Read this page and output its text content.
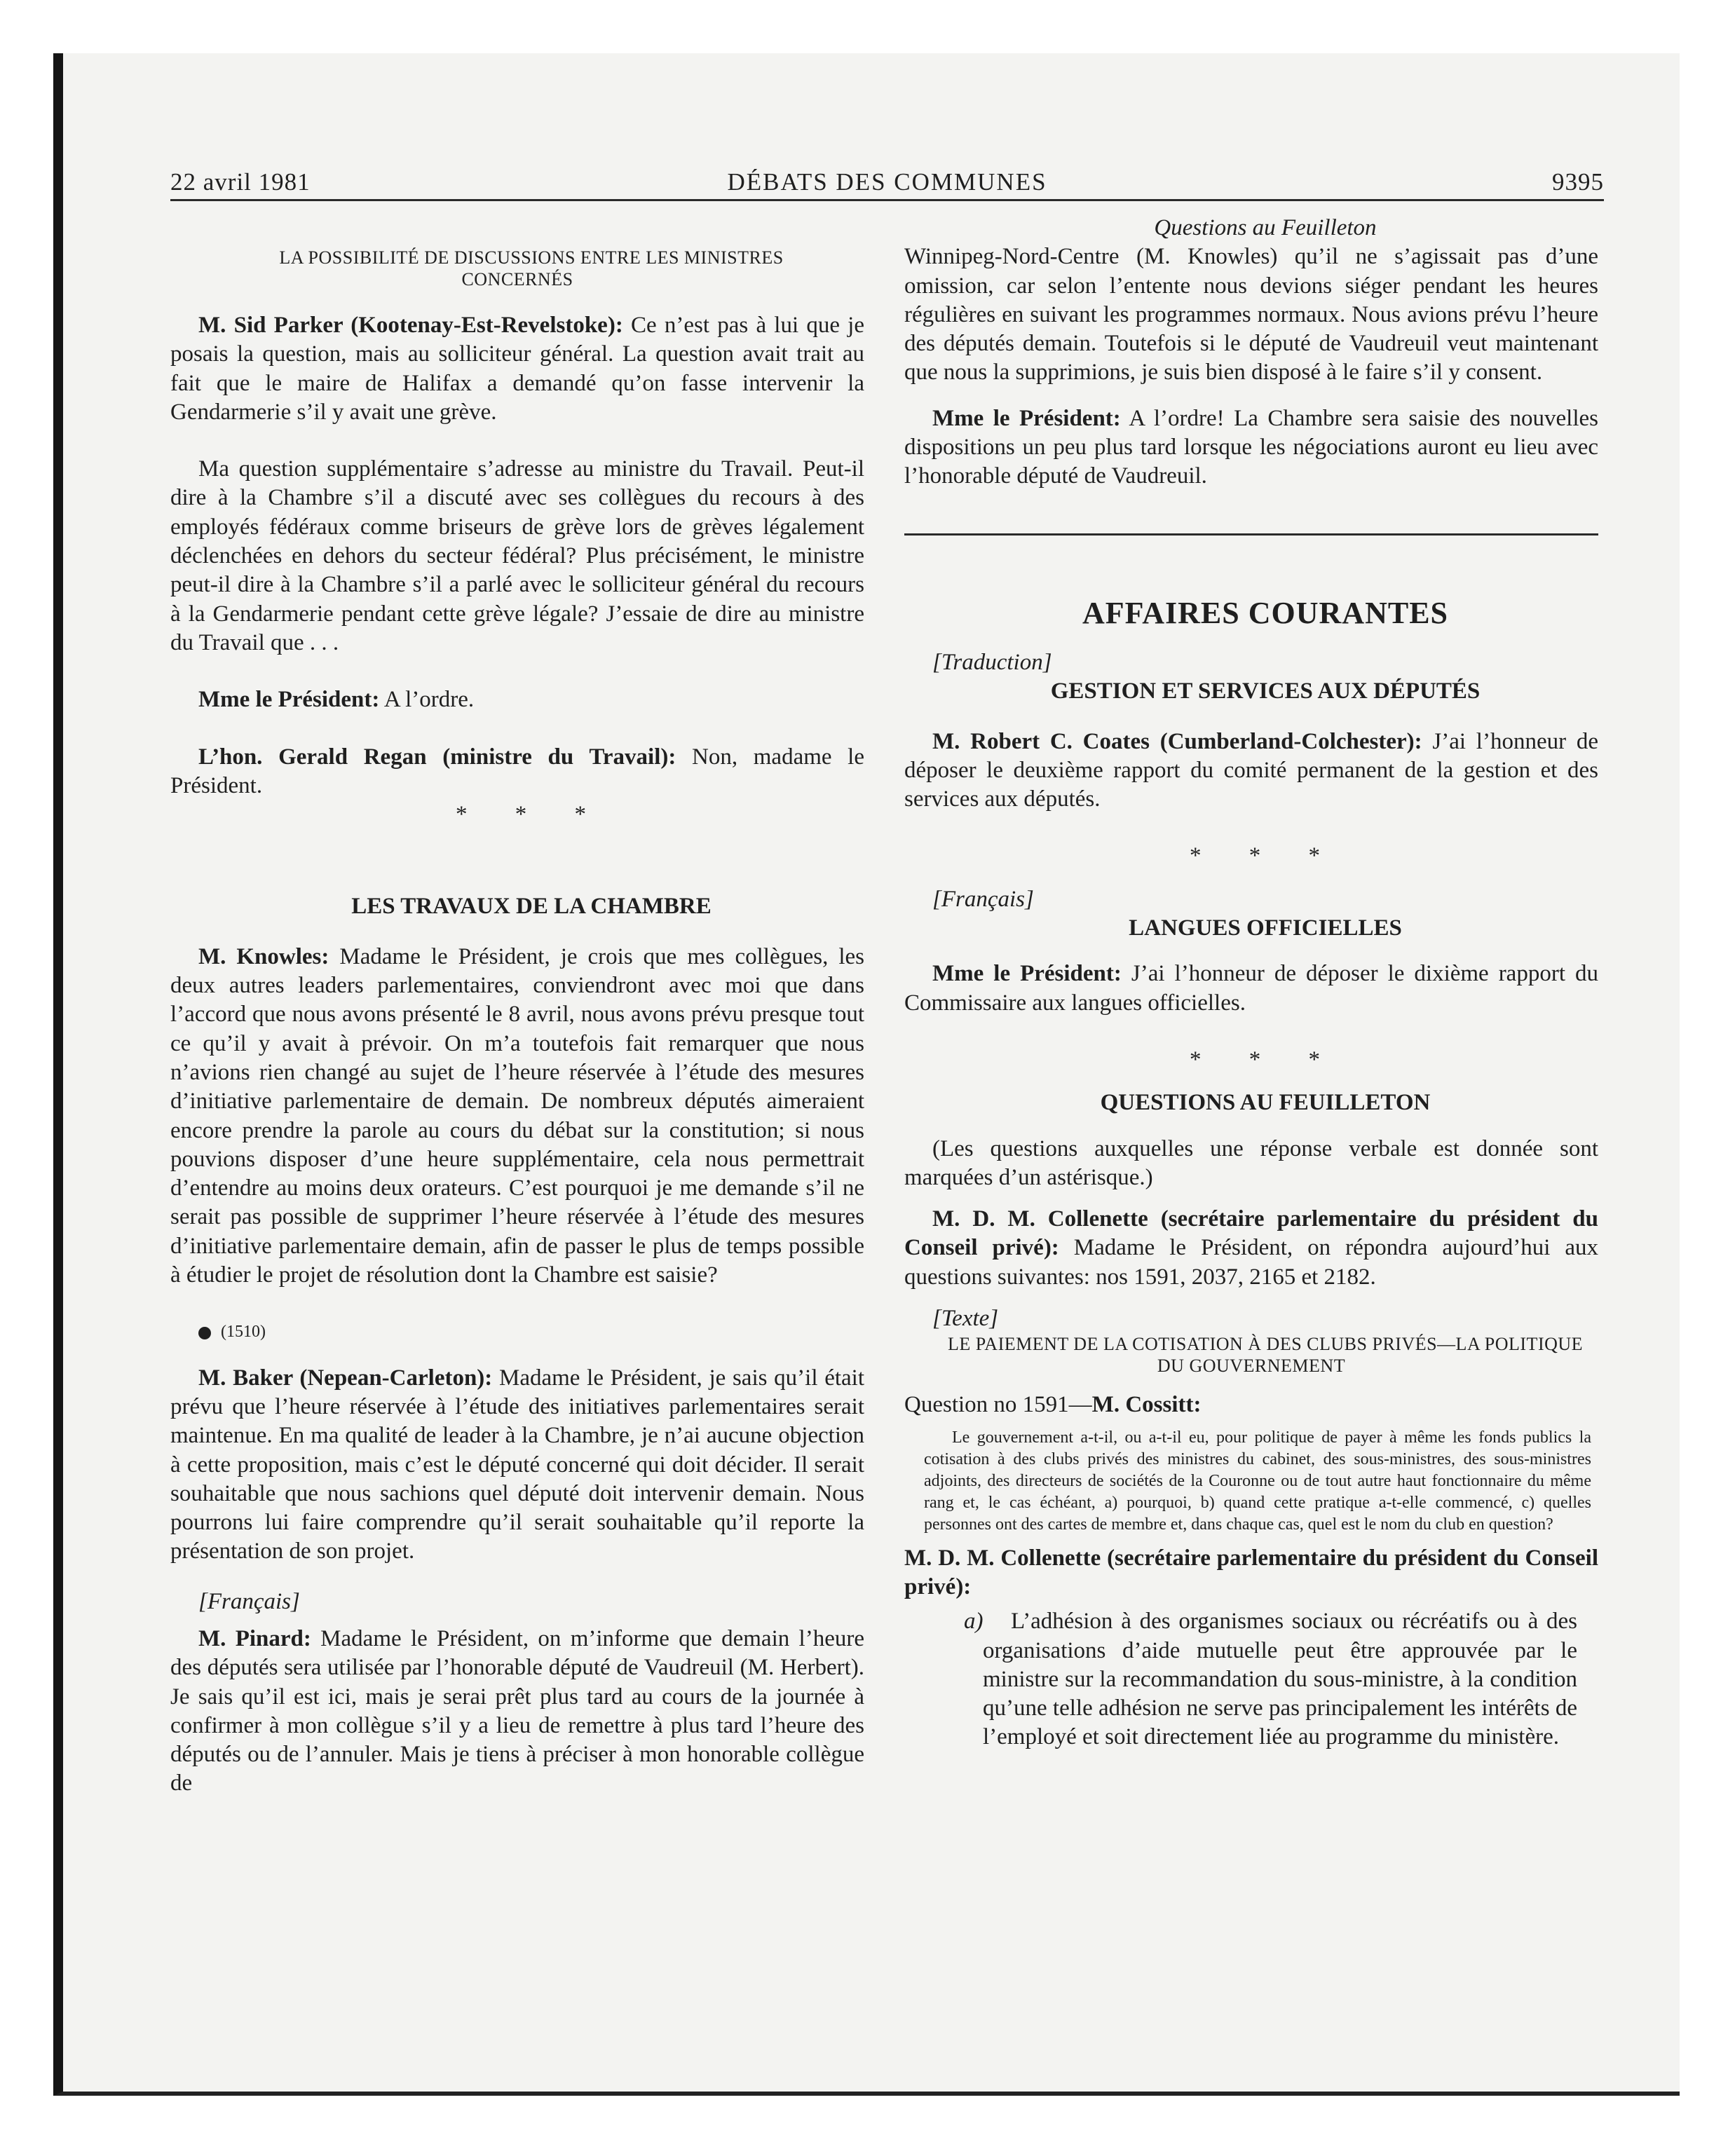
22 avril 1981	DÉBATS DES COMMUNES	9395

LA POSSIBILITÉ DE DISCUSSIONS ENTRE LES MINISTRES CONCERNÉS

M. Sid Parker (Kootenay-Est-Revelstoke): Ce n’est pas à lui que je posais la question, mais au solliciteur général. La question avait trait au fait que le maire de Halifax a demandé qu’on fasse intervenir la Gendarmerie s’il y avait une grève.

Ma question supplémentaire s’adresse au ministre du Travail. Peut-il dire à la Chambre s’il a discuté avec ses collègues du recours à des employés fédéraux comme briseurs de grève lors de grèves légalement déclenchées en dehors du secteur fédéral? Plus précisément, le ministre peut-il dire à la Chambre s’il a parlé avec le solliciteur général du recours à la Gendarmerie pendant cette grève légale? J’essaie de dire au ministre du Travail que . . .

Mme le Président: A l’ordre.

L’hon. Gerald Regan (ministre du Travail): Non, madame le Président.

* * *

LES TRAVAUX DE LA CHAMBRE

M. Knowles: Madame le Président, je crois que mes collègues, les deux autres leaders parlementaires, conviendront avec moi que dans l’accord que nous avons présenté le 8 avril, nous avons prévu presque tout ce qu’il y avait à prévoir. On m’a toutefois fait remarquer que nous n’avions rien changé au sujet de l’heure réservée à l’étude des mesures d’initiative parlementaire de demain. De nombreux députés aimeraient encore prendre la parole au cours du débat sur la constitution; si nous pouvions disposer d’une heure supplémentaire, cela nous permettrait d’entendre au moins deux orateurs. C’est pourquoi je me demande s’il ne serait pas possible de supprimer l’heure réservée à l’étude des mesures d’initiative parlementaire demain, afin de passer le plus de temps possible à étudier le projet de résolution dont la Chambre est saisie?

(1510)

M. Baker (Nepean-Carleton): Madame le Président, je sais qu’il était prévu que l’heure réservée à l’étude des initiatives parlementaires serait maintenue. En ma qualité de leader à la Chambre, je n’ai aucune objection à cette proposition, mais c’est le député concerné qui doit décider. Il serait souhaitable que nous sachions quel député doit intervenir demain. Nous pourrons lui faire comprendre qu’il serait souhaitable qu’il reporte la présentation de son projet.

[Français]

M. Pinard: Madame le Président, on m’informe que demain l’heure des députés sera utilisée par l’honorable député de Vaudreuil (M. Herbert). Je sais qu’il est ici, mais je serai prêt plus tard au cours de la journée à confirmer à mon collègue s’il y a lieu de remettre à plus tard l’heure des députés ou de l’annuler. Mais je tiens à préciser à mon honorable collègue de

Questions au Feuilleton

Winnipeg-Nord-Centre (M. Knowles) qu’il ne s’agissait pas d’une omission, car selon l’entente nous devions siéger pendant les heures régulières en suivant les programmes normaux. Nous avions prévu l’heure des députés demain. Toutefois si le député de Vaudreuil veut maintenant que nous la supprimions, je suis bien disposé à le faire s’il y consent.

Mme le Président: A l’ordre! La Chambre sera saisie des nouvelles dispositions un peu plus tard lorsque les négociations auront eu lieu avec l’honorable député de Vaudreuil.

AFFAIRES COURANTES

[Traduction]

GESTION ET SERVICES AUX DÉPUTÉS

M. Robert C. Coates (Cumberland-Colchester): J’ai l’honneur de déposer le deuxième rapport du comité permanent de la gestion et des services aux députés.

* * *

[Français]

LANGUES OFFICIELLES

Mme le Président: J’ai l’honneur de déposer le dixième rapport du Commissaire aux langues officielles.

* * *

QUESTIONS AU FEUILLETON

(Les questions auxquelles une réponse verbale est donnée sont marquées d’un astérisque.)

M. D. M. Collenette (secrétaire parlementaire du président du Conseil privé): Madame le Président, on répondra aujourd’hui aux questions suivantes: nos 1591, 2037, 2165 et 2182.

[Texte]

LE PAIEMENT DE LA COTISATION À DES CLUBS PRIVÉS—LA POLITIQUE DU GOUVERNEMENT

Question no 1591—M. Cossitt:

Le gouvernement a-t-il, ou a-t-il eu, pour politique de payer à même les fonds publics la cotisation à des clubs privés des ministres du cabinet, des sous-ministres, des sous-ministres adjoints, des directeurs de sociétés de la Couronne ou de tout autre haut fonctionnaire du même rang et, le cas échéant, a) pourquoi, b) quand cette pratique a-t-elle commencé, c) quelles personnes ont des cartes de membre et, dans chaque cas, quel est le nom du club en question?

M. D. M. Collenette (secrétaire parlementaire du président du Conseil privé):

a) L’adhésion à des organismes sociaux ou récréatifs ou à des organisations d’aide mutuelle peut être approuvée par le ministre sur la recommandation du sous-ministre, à la condition qu’une telle adhésion ne serve pas principalement les intérêts de l’employé et soit directement liée au programme du ministère.
